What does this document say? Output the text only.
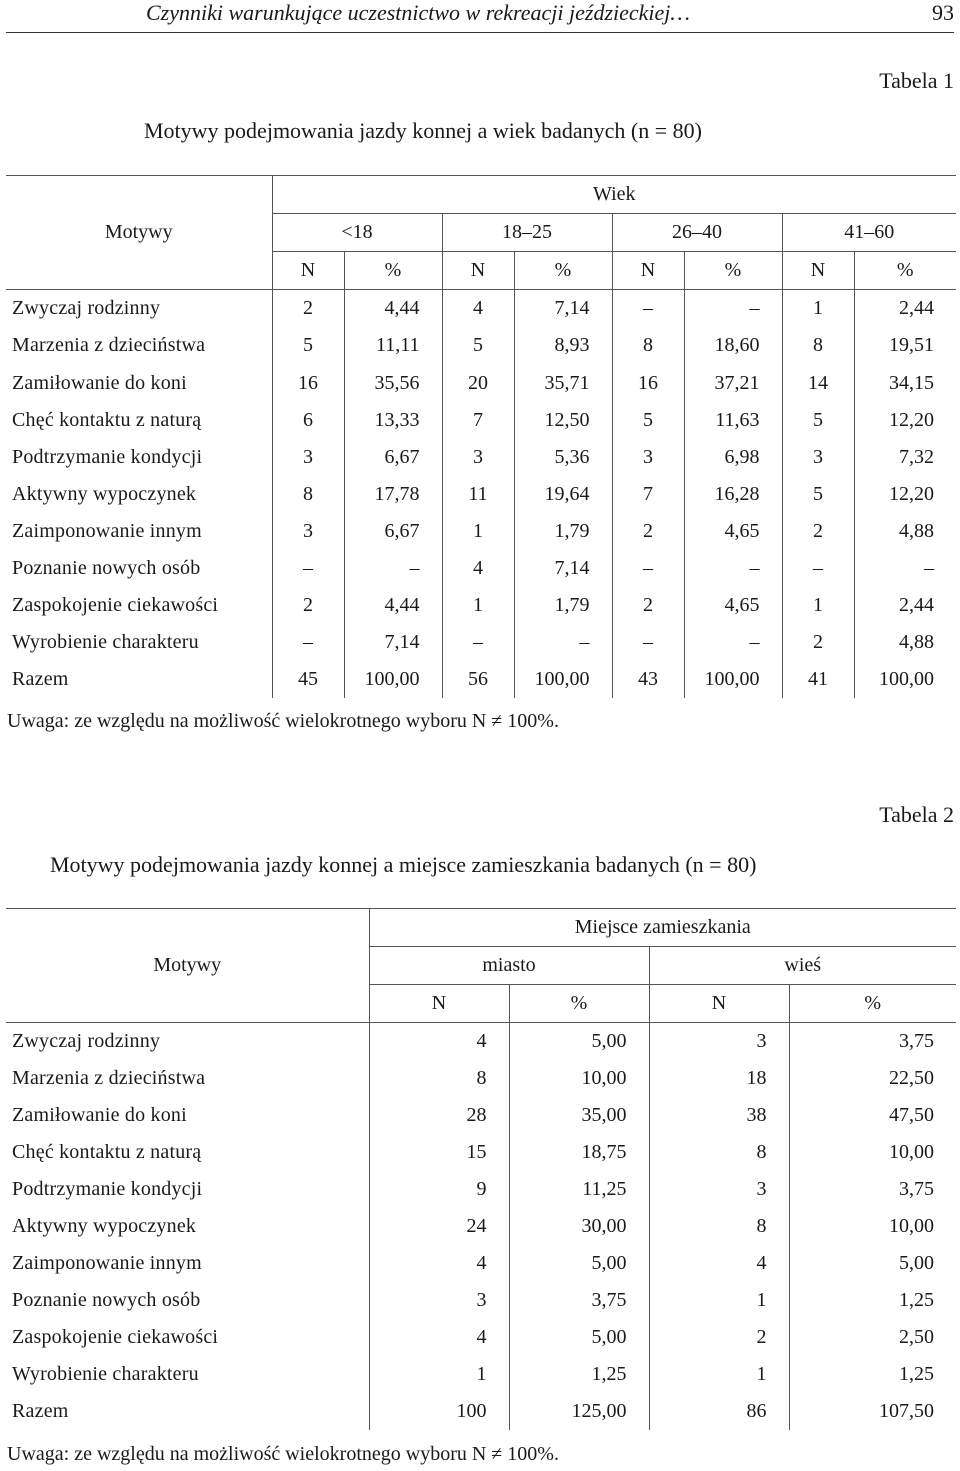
Czynniki warunkujące uczestnictwo w rekreacji jeździeckiej…	93
Tabela 1
Motywy podejmowania jazdy konnej a wiek badanych (n = 80)
Motywy	Wiek							
	<18		18–25		26–40		41–60	
	N	%	N	%	N	%	N	%
Zwyczaj rodzinny	2	4,44	4	7,14	–	–	1	2,44
Marzenia z dzieciństwa	5	11,11	5	8,93	8	18,60	8	19,51
Zamiłowanie do koni	16	35,56	20	35,71	16	37,21	14	34,15
Chęć kontaktu z naturą	6	13,33	7	12,50	5	11,63	5	12,20
Podtrzymanie kondycji	3	6,67	3	5,36	3	6,98	3	7,32
Aktywny wypoczynek	8	17,78	11	19,64	7	16,28	5	12,20
Zaimponowanie innym	3	6,67	1	1,79	2	4,65	2	4,88
Poznanie nowych osób	–	–	4	7,14	–	–	–	–
Zaspokojenie ciekawości	2	4,44	1	1,79	2	4,65	1	2,44
Wyrobienie charakteru	–	7,14	–	–	–	–	2	4,88
Razem	45	100,00	56	100,00	43	100,00	41	100,00
Uwaga: ze względu na możliwość wielokrotnego wyboru N ≠ 100%.
Tabela 2
Motywy podejmowania jazdy konnej a miejsce zamieszkania badanych (n = 80)
Motywy	Miejsce zamieszkania			
	miasto		wieś	
	N	%	N	%
Zwyczaj rodzinny	4	5,00	3	3,75
Marzenia z dzieciństwa	8	10,00	18	22,50
Zamiłowanie do koni	28	35,00	38	47,50
Chęć kontaktu z naturą	15	18,75	8	10,00
Podtrzymanie kondycji	9	11,25	3	3,75
Aktywny wypoczynek	24	30,00	8	10,00
Zaimponowanie innym	4	5,00	4	5,00
Poznanie nowych osób	3	3,75	1	1,25
Zaspokojenie ciekawości	4	5,00	2	2,50
Wyrobienie charakteru	1	1,25	1	1,25
Razem	100	125,00	86	107,50
Uwaga: ze względu na możliwość wielokrotnego wyboru N ≠ 100%.
